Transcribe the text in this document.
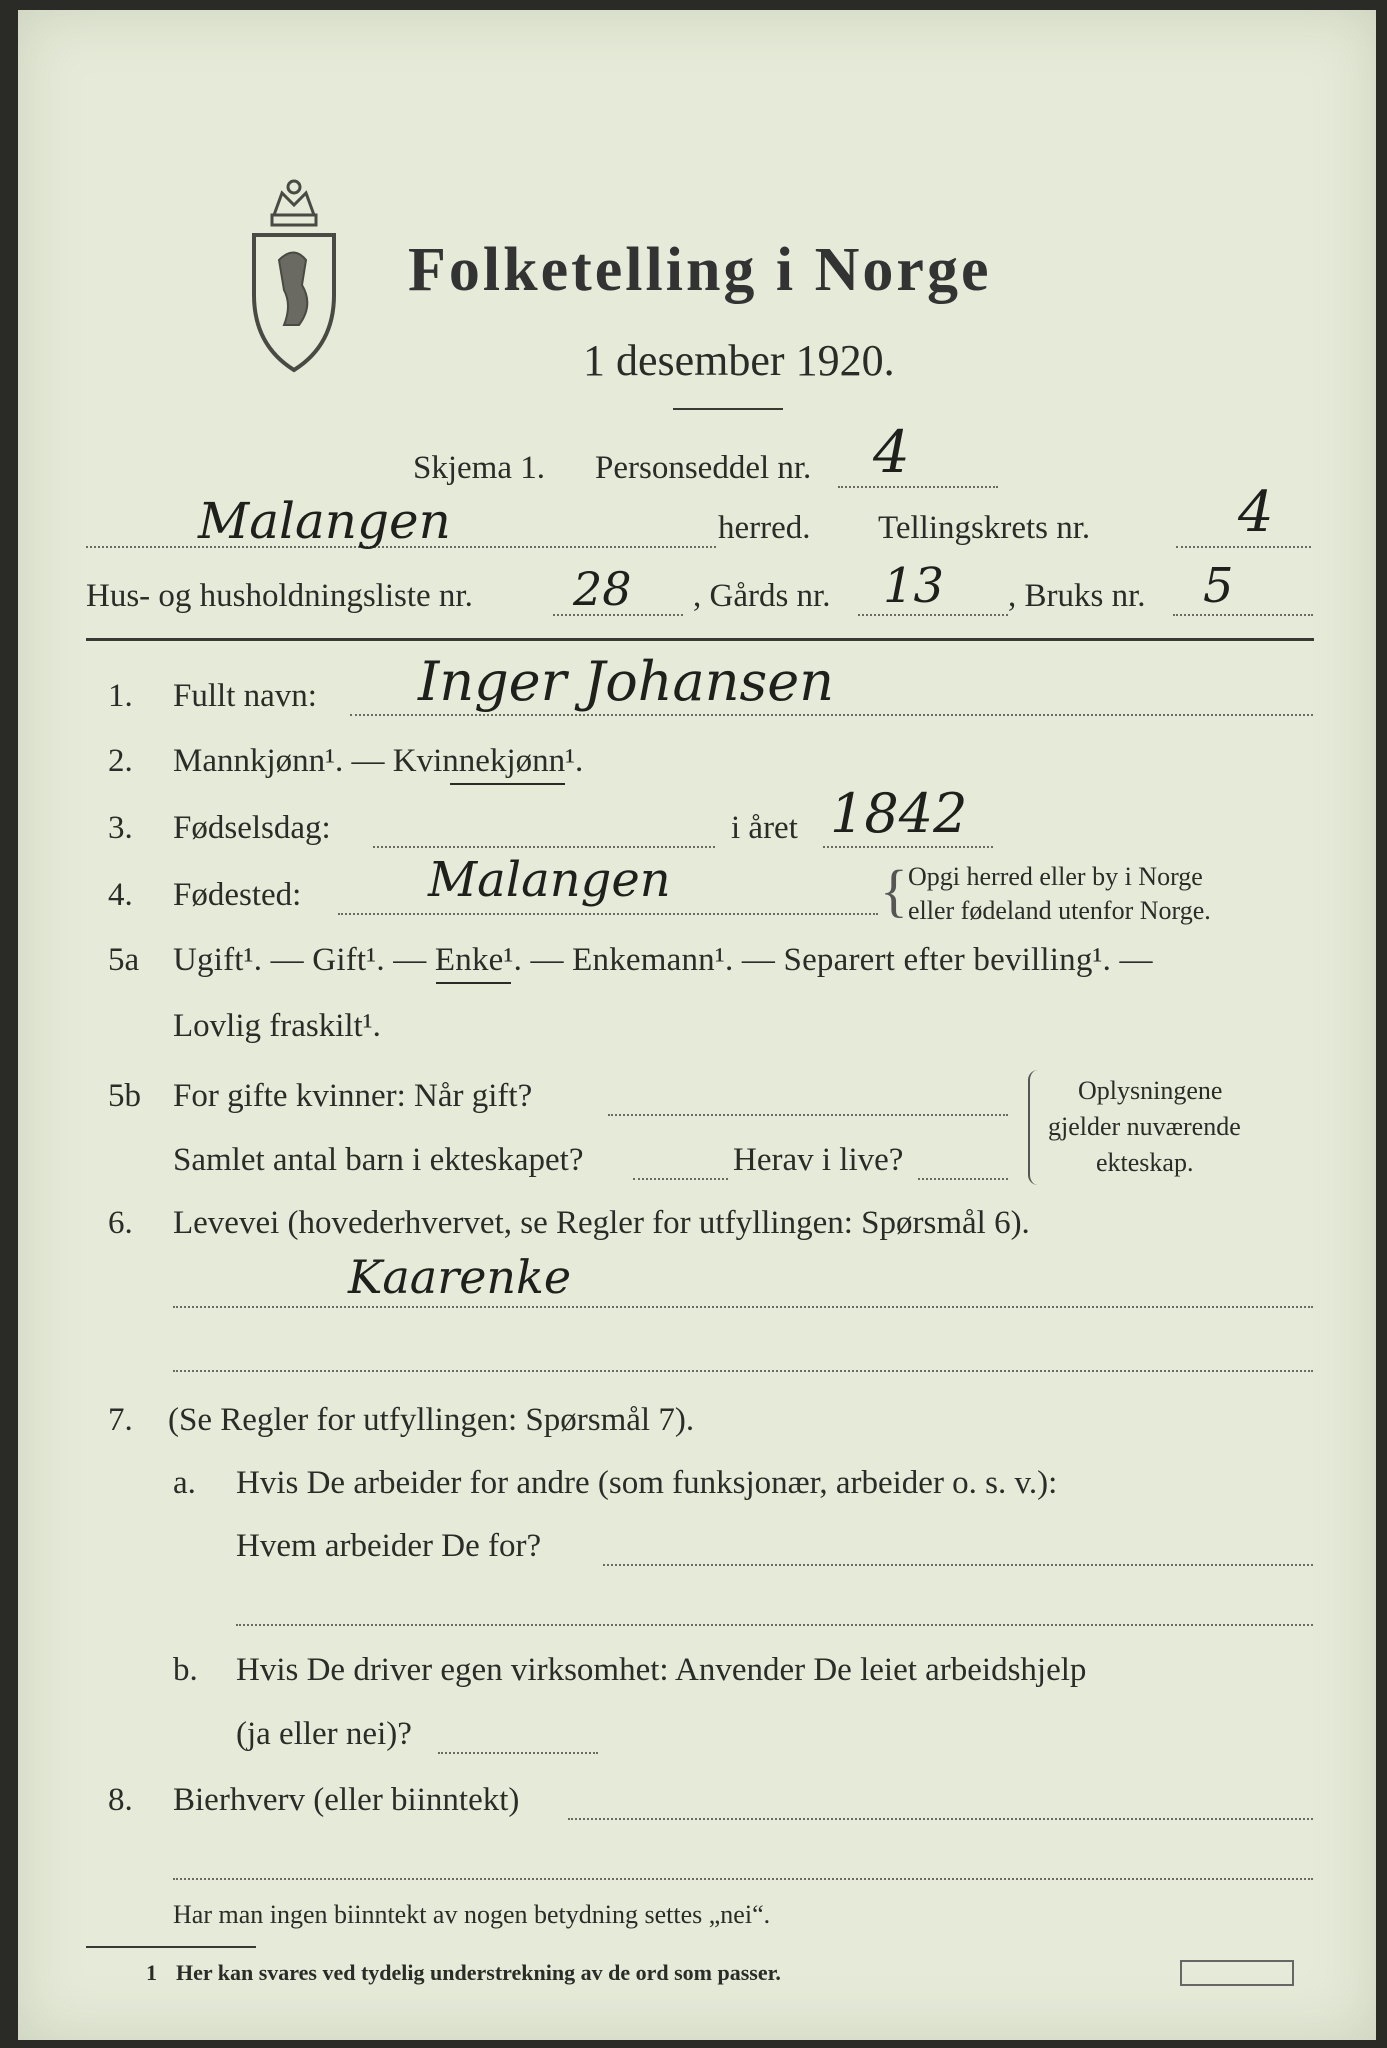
Folketelling i Norge
1 desember 1920.
Skjema 1. Personseddel nr. 4
Malangen	herred. Tellingskrets nr.	4
Hus- og husholdningsliste nr. 28 , Gårds nr. 13 , Bruks nr. 5
1. Fullt navn: Inger Johansen
2. Mannkjønn¹. — Kvinnekjønn¹.
3. Fødselsdag:	i året 1842
4. Fødested:	Malangen	{ Opgi herred eller by i Norge
eller fødeland utenfor Norge.
5a Ugift¹. — Gift¹. — Enke¹. — Enkemann¹. — Separert efter bevilling¹. —
Lovlig fraskilt¹.
5b For gifte kvinner: Når gift?
Samlet antal barn i ekteskapet?	Herav i live?
Oplysningene
gjelder nuværende
ekteskap.
6. Levevei (hovederhvervet, se Regler for utfyllingen: Spørsmål 6).
Kaarenke
7. (Se Regler for utfyllingen: Spørsmål 7).
a. Hvis De arbeider for andre (som funksjonær, arbeider o. s. v.):
Hvem arbeider De for?
b. Hvis De driver egen virksomhet: Anvender De leiet arbeidshjelp
(ja eller nei)?
8. Bierhverv (eller biinntekt)
Har man ingen biinntekt av nogen betydning settes „nei“.
1 Her kan svares ved tydelig understrekning av de ord som passer.
